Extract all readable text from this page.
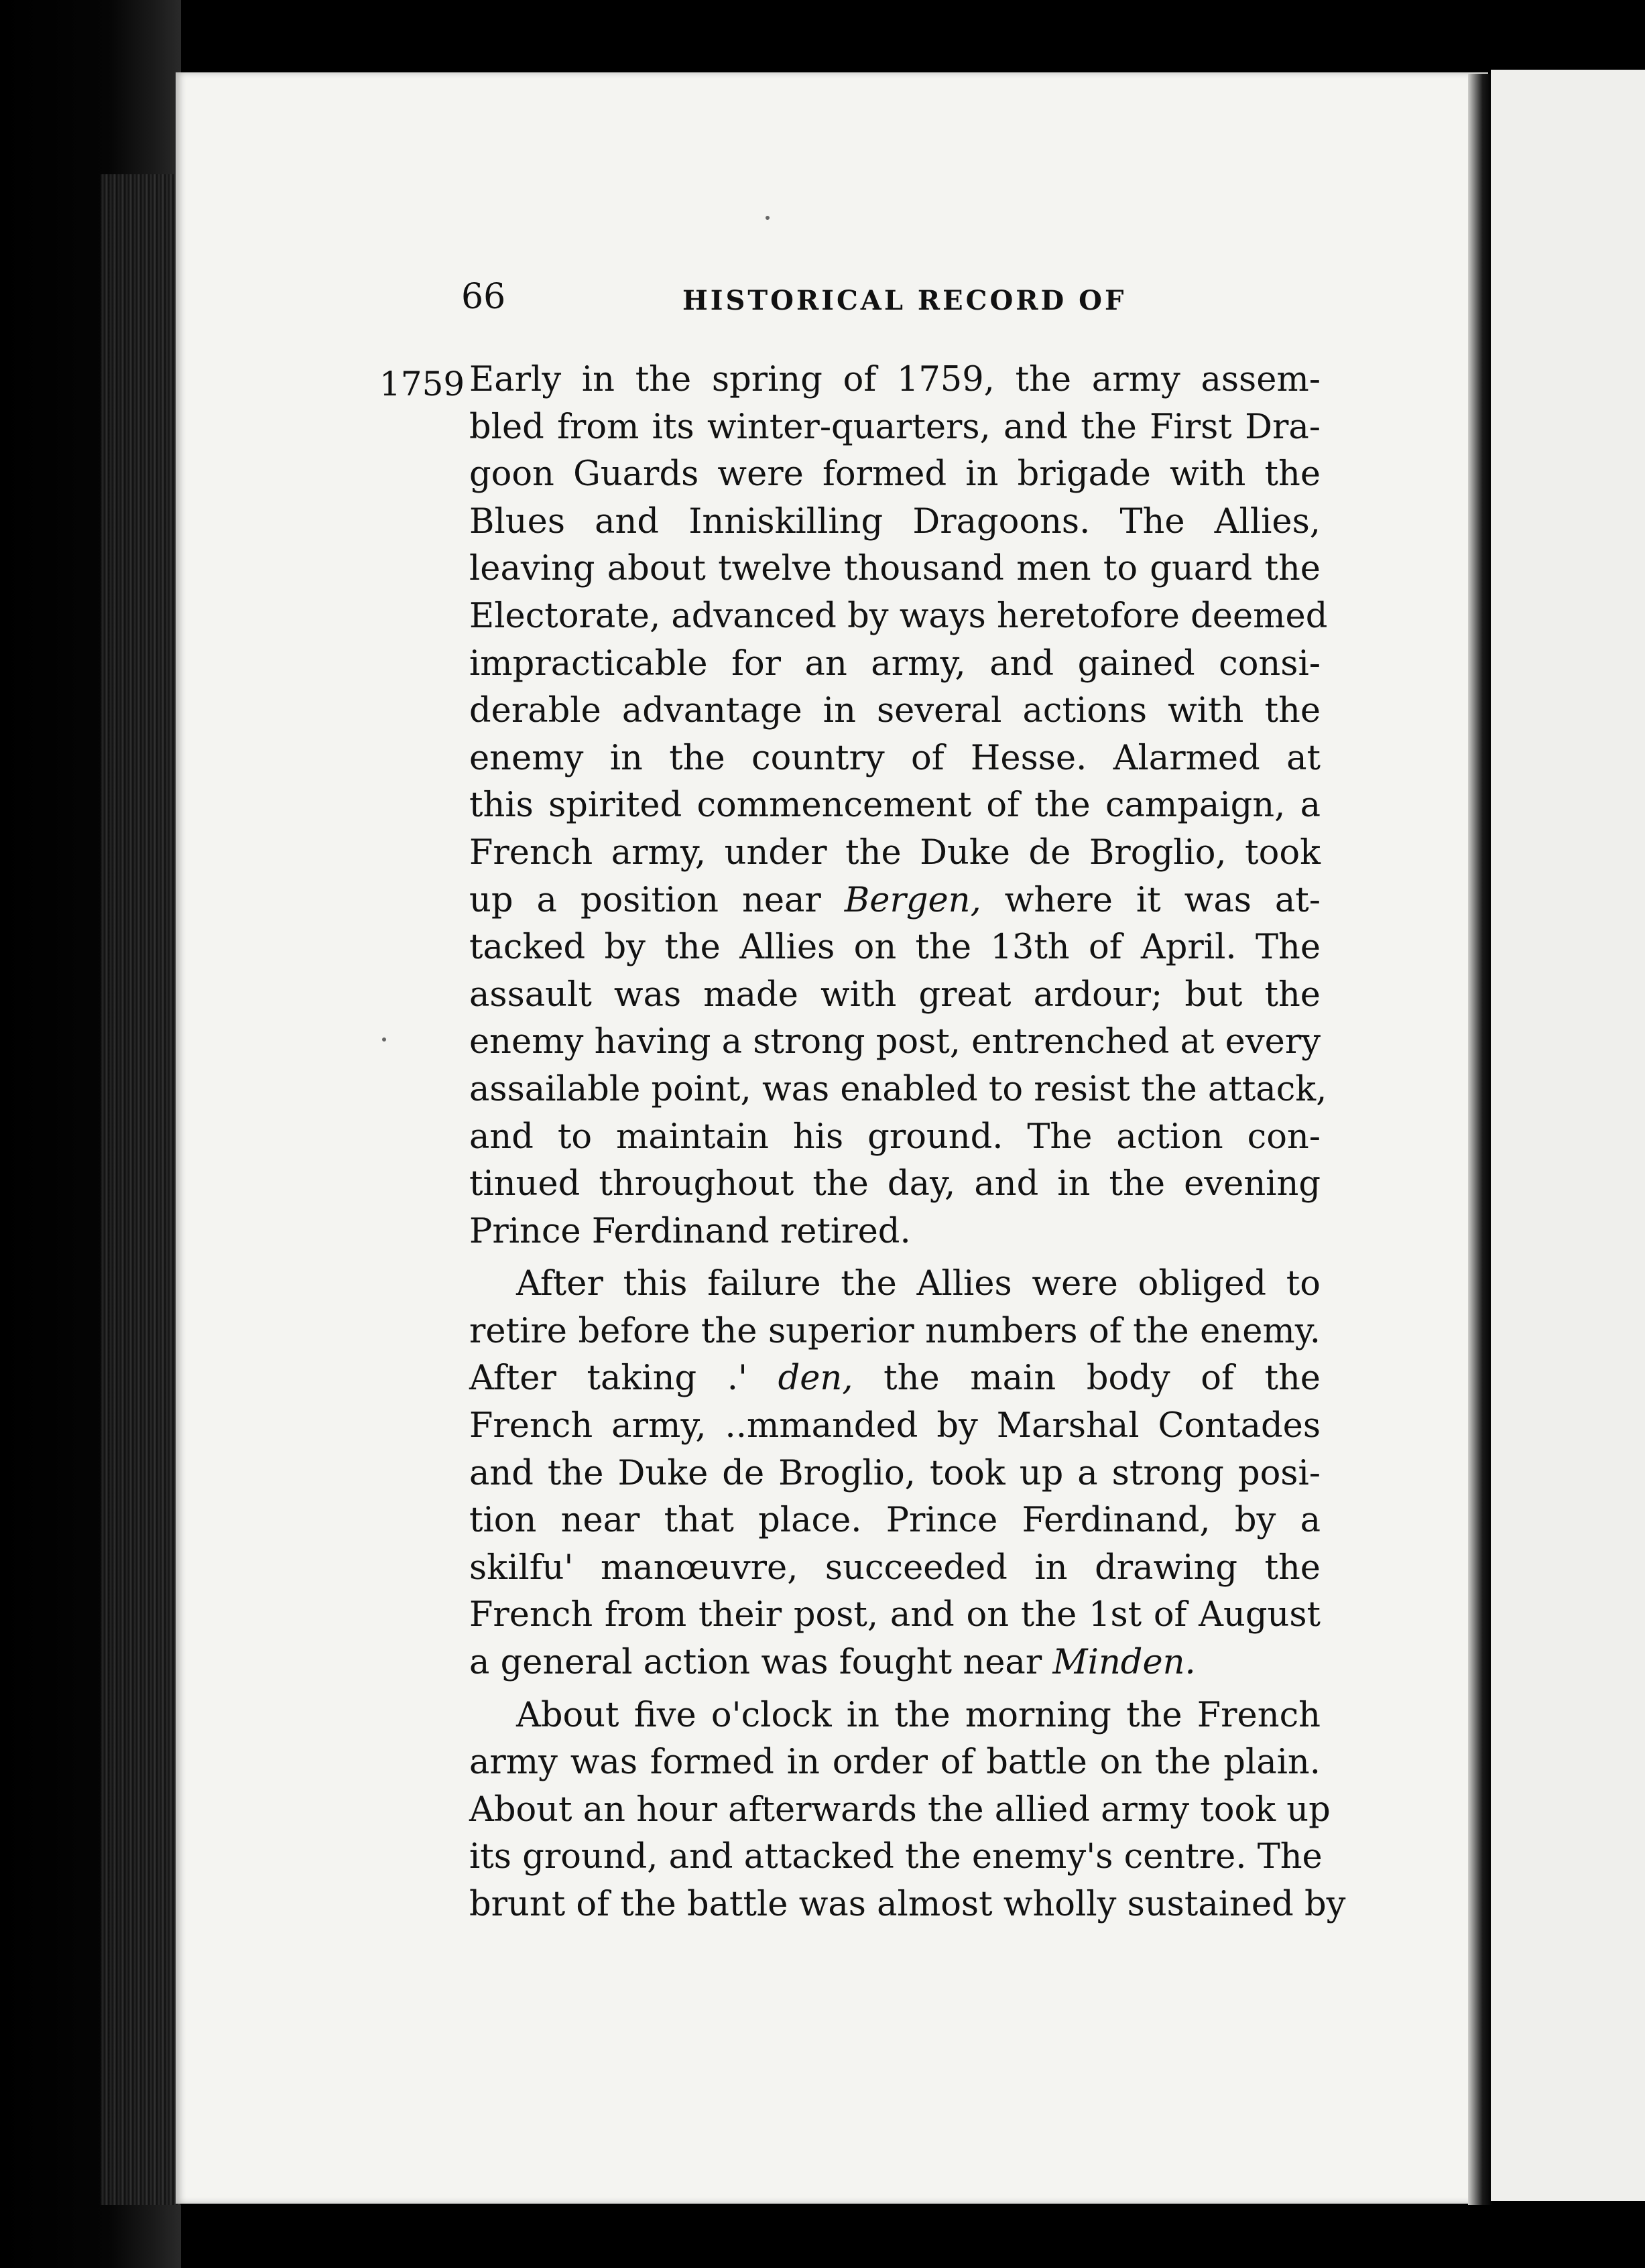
66	HISTORICAL RECORD OF
1759 Early in the spring of 1759, the army assem-
bled from its winter-quarters, and the First Dra-
goon Guards were formed in brigade with the
Blues and Inniskilling Dragoons. The Allies,
leaving about twelve thousand men to guard the
Electorate, advanced by ways heretofore deemed
impracticable for an army, and gained consi-
derable advantage in several actions with the
enemy in the country of Hesse. Alarmed at
this spirited commencement of the campaign, a
French army, under the Duke de Broglio, took
up a position near Bergen, where it was at-
tacked by the Allies on the 13th of April. The
assault was made with great ardour; but the
enemy having a strong post, entrenched at every
assailable point, was enabled to resist the attack,
and to maintain his ground. The action con-
tinued throughout the day, and in the evening
Prince Ferdinand retired.
After this failure the Allies were obliged to
retire before the superior numbers of the enemy.
After taking .' den, the main body of the
French army, ..mmanded by Marshal Contades
and the Duke de Broglio, took up a strong posi-
tion near that place. Prince Ferdinand, by a
skilfu' manœuvre, succeeded in drawing the
French from their post, and on the 1st of August
a general action was fought near Minden.
About five o'clock in the morning the French
army was formed in order of battle on the plain.
About an hour afterwards the allied army took up
its ground, and attacked the enemy's centre. The
brunt of the battle was almost wholly sustained by
